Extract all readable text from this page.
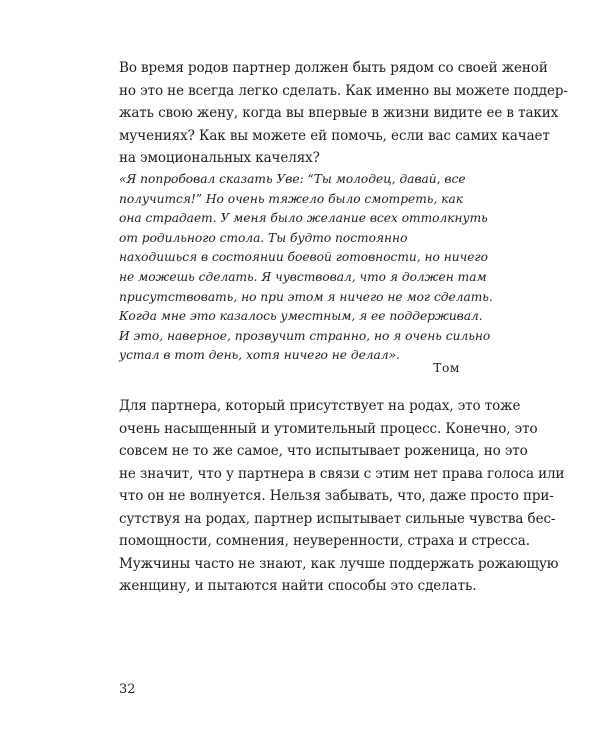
Во время родов партнер должен быть рядом со своей женой
но это не всегда легко сделать. Как именно вы можете поддер-
жать свою жену, когда вы впервые в жизни видите ее в таких
мучениях? Как вы можете ей помочь, если вас самих качает
на эмоциональных качелях?

«Я попробовал сказать Уве: “Ты молодец, давай, все
получится!” Но очень тяжело было смотреть, как
она страдает. У меня было желание всех оттолкнуть
от родильного стола. Ты будто постоянно
находишься в состоянии боевой готовности, но ничего
не можешь сделать. Я чувствовал, что я должен там
присутствовать, но при этом я ничего не мог сделать.
Когда мне это казалось уместным, я ее поддерживал.
И это, наверное, прозвучит странно, но я очень сильно
устал в тот день, хотя ничего не делал».
Том

Для партнера, который присутствует на родах, это тоже
очень насыщенный и утомительный процесс. Конечно, это
совсем не то же самое, что испытывает роженица, но это
не значит, что у партнера в связи с этим нет права голоса или
что он не волнуется. Нельзя забывать, что, даже просто при-
сутствуя на родах, партнер испытывает сильные чувства бес-
помощности, сомнения, неуверенности, страха и стресса.
Мужчины часто не знают, как лучше поддержать рожающую
женщину, и пытаются найти способы это сделать.

32
